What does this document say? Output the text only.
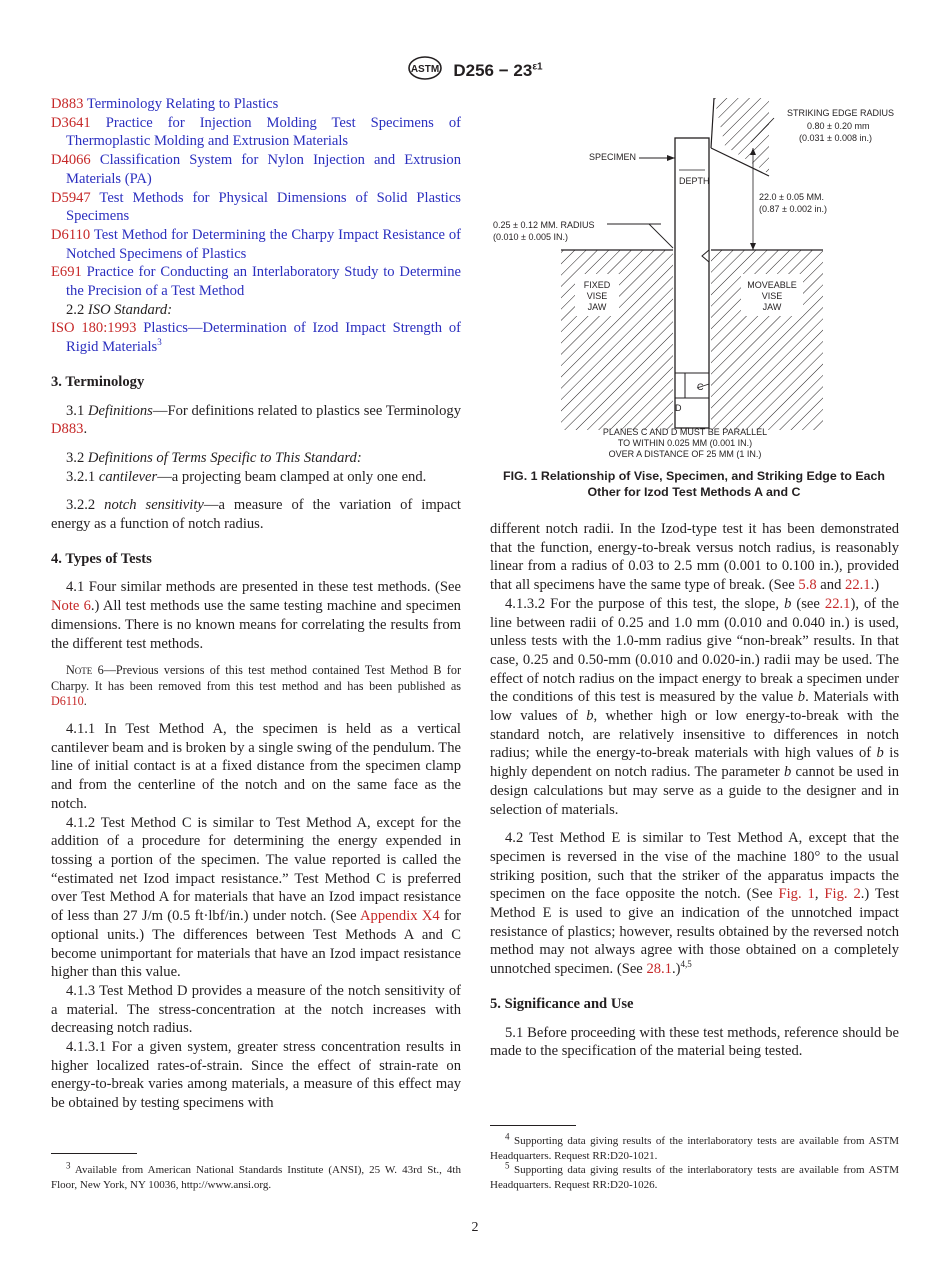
ASTM $D256 - 23^{\varepsilon 1}$

D883 Terminology Relating to Plastics

D3641 Practice for Injection Molding Test Specimens of Thermoplastic Molding and Extrusion Materials

D4066 Classification System for Nylon Injection and Extrusion Materials (PA)

D5947 Test Methods for Physical Dimensions of Solid Plastics Specimens

D6110 Test Method for Determining the Charpy Impact Resistance of Notched Specimens of Plastics

E691 Practice for Conducting an Interlaboratory Study to Determine the Precision of a Test Method

2.2 ISO Standard:

ISO 180:1993 Plastics—Determination of Izod Impact Strength of Rigid Materials$^3$

3. Terminology

3.1 Definitions—For definitions related to plastics see Terminology D883.

3.2 Definitions of Terms Specific to This Standard:

3.2.1 cantilever—a projecting beam clamped at only one end.

3.2.2 notch sensitivity—a measure of the variation of impact energy as a function of notch radius.

4. Types of Tests

4.1 Four similar methods are presented in these test methods. (See Note 6.) All test methods use the same testing machine and specimen dimensions. There is no known means for correlating the results from the different test methods.

Note 6—Previous versions of this test method contained Test Method B for Charpy. It has been removed from this test method and has been published as D6110.

4.1.1 In Test Method A, the specimen is held as a vertical cantilever beam and is broken by a single swing of the pendulum. The line of initial contact is at a fixed distance from the specimen clamp and from the centerline of the notch and on the same face as the notch.

4.1.2 Test Method C is similar to Test Method A, except for the addition of a procedure for determining the energy expended in tossing a portion of the specimen. The value reported is called the “estimated net Izod impact resistance.” Test Method C is preferred over Test Method A for materials that have an Izod impact resistance of less than 27 J/m (0.5 ft·lbf/in.) under notch. (See Appendix X4 for optional units.) The differences between Test Methods A and C become unimportant for materials that have an Izod impact resistance higher than this value.

4.1.3 Test Method D provides a measure of the notch sensitivity of a material. The stress-concentration at the notch increases with decreasing notch radius.

4.1.3.1 For a given system, greater stress concentration results in higher localized rates-of-strain. Since the effect of strain-rate on energy-to-break varies among materials, a measure of this effect may be obtained by testing specimens with

STRIKING EDGE RADIUS
0.80 ± 0.20 mm
(0.031 ± 0.008 in.)
SPECIMEN
DEPTH
22.0 ± 0.05 MM.
(0.87 ± 0.002 in.)
0.25 ± 0.12 MM. RADIUS
(0.010 ± 0.005 IN.)
FIXED
VISE
JAW
MOVEABLE
VISE
JAW
C
D
PLANES C AND D MUST BE PARALLEL
TO WITHIN 0.025 MM (0.001 IN.)
OVER A DISTANCE OF 25 MM (1 IN.)
FIG. 1 Relationship of Vise, Specimen, and Striking Edge to Each Other for Izod Test Methods A and C

different notch radii. In the Izod-type test it has been demonstrated that the function, energy-to-break versus notch radius, is reasonably linear from a radius of 0.03 to 2.5 mm (0.001 to 0.100 in.), provided that all specimens have the same type of break. (See 5.8 and 22.1.)

4.1.3.2 For the purpose of this test, the slope, b (see 22.1), of the line between radii of 0.25 and 1.0 mm (0.010 and 0.040 in.) is used, unless tests with the 1.0-mm radius give “non-break” results. In that case, 0.25 and 0.50-mm (0.010 and 0.020-in.) radii may be used. The effect of notch radius on the impact energy to break a specimen under the conditions of this test is measured by the value b. Materials with low values of b, whether high or low energy-to-break with the standard notch, are relatively insensitive to differences in notch radius; while the energy-to-break materials with high values of b is highly dependent on notch radius. The parameter b cannot be used in design calculations but may serve as a guide to the designer and in selection of materials.

4.2 Test Method E is similar to Test Method A, except that the specimen is reversed in the vise of the machine 180° to the usual striking position, such that the striker of the apparatus impacts the specimen on the face opposite the notch. (See Fig. 1, Fig. 2.) Test Method E is used to give an indication of the unnotched impact resistance of plastics; however, results obtained by the reversed notch method may not always agree with those obtained on a completely unnotched specimen. (See 28.1.)$^{4,5}$

5. Significance and Use

5.1 Before proceeding with these test methods, reference should be made to the specification of the material being tested.

$^3$ Available from American National Standards Institute (ANSI), 25 W. 43rd St., 4th Floor, New York, NY 10036, http://www.ansi.org.
$^4$ Supporting data giving results of the interlaboratory tests are available from ASTM Headquarters. Request RR:D20-1021.
$^5$ Supporting data giving results of the interlaboratory tests are available from ASTM Headquarters. Request RR:D20-1026.
2
